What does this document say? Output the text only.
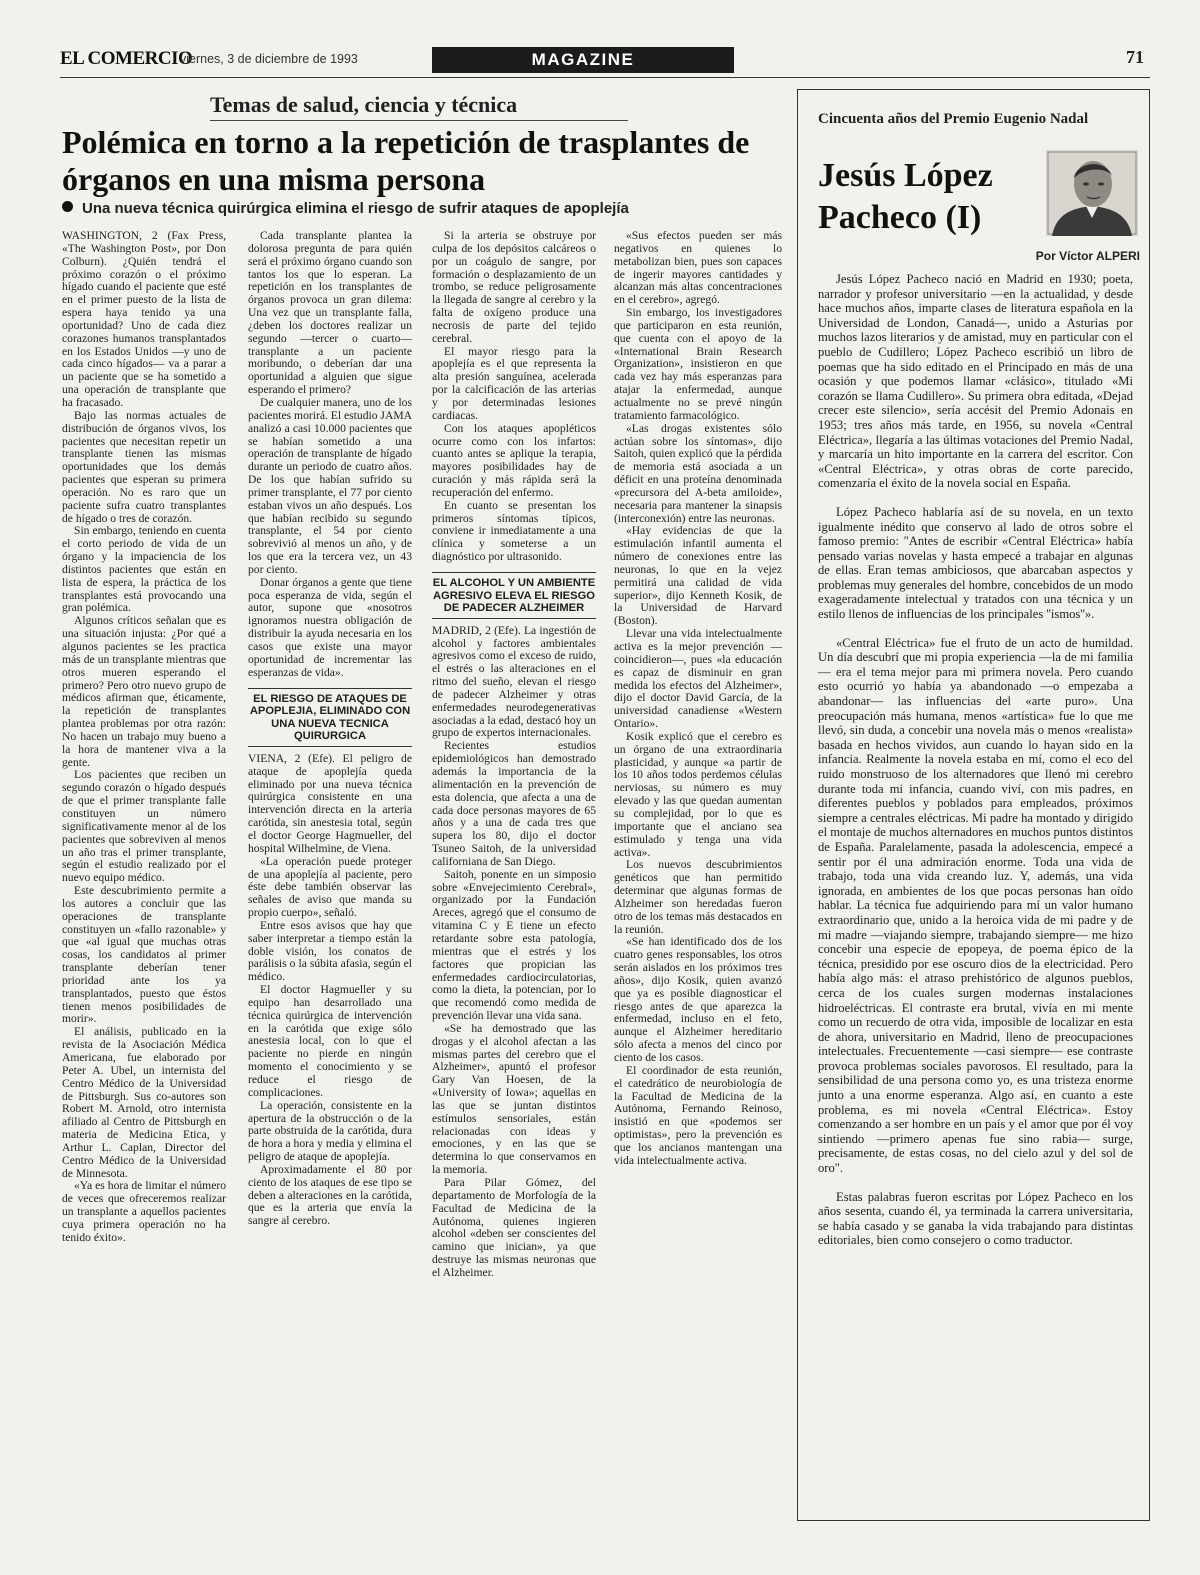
EL COMERCIO
viernes, 3 de diciembre de 1993	MAGAZINE	71
Temas de salud, ciencia y técnica
Polémica en torno a la repetición de trasplantes de órganos en una misma persona
Una nueva técnica quirúrgica elimina el riesgo de sufrir ataques de apoplejía

WASHINGTON, 2 (Fax Press, «The Washington Post», por Don Colburn). ¿Quién tendrá el próximo corazón o el próximo hígado cuando el paciente que esté en el primer puesto de la lista de espera haya tenido ya una oportunidad? Uno de cada diez corazones humanos transplantados en los Estados Unidos —y uno de cada cinco hígados— va a parar a un paciente que se ha sometido a una operación de transplante que ha fracasado.

Bajo las normas actuales de distribución de órganos vivos, los pacientes que necesitan repetir un transplante tienen las mismas oportunidades que los demás pacientes que esperan su primera operación. No es raro que un paciente sufra cuatro transplantes de hígado o tres de corazón.

Sin embargo, teniendo en cuenta el corto periodo de vida de un órgano y la impaciencia de los distintos pacientes que están en lista de espera, la práctica de los transplantes está provocando una gran polémica.

Algunos críticos señalan que es una situación injusta: ¿Por qué a algunos pacientes se les practica más de un transplante mientras que otros mueren esperando el primero? Pero otro nuevo grupo de médicos afirman que, éticamente, la repetición de transplantes plantea problemas por otra razón: No hacen un trabajo muy bueno a la hora de mantener viva a la gente.

Los pacientes que reciben un segundo corazón o hígado después de que el primer transplante falle constituyen un número significativamente menor al de los pacientes que sobreviven al menos un año tras el primer transplante, según el estudio realizado por el nuevo equipo médico.

Este descubrimiento permite a los autores a concluir que las operaciones de transplante constituyen un «fallo razonable» y que «al igual que muchas otras cosas, los candidatos al primer transplante deberían tener prioridad ante los ya transplantados, puesto que éstos tienen menos posibilidades de morir».

El análisis, publicado en la revista de la Asociación Médica Americana, fue elaborado por Peter A. Ubel, un internista del Centro Médico de la Universidad de Pittsburgh. Sus co-autores son Robert M. Arnold, otro internista afiliado al Centro de Pittsburgh en materia de Medicina Etica, y Arthur L. Caplan, Director del Centro Médico de la Universidad de Minnesota.

«Ya es hora de limitar el número de veces que ofreceremos realizar un transplante a aquellos pacientes cuya primera operación no ha tenido éxito».

Cada transplante plantea la dolorosa pregunta de para quién será el próximo órgano cuando son tantos los que lo esperan. La repetición en los transplantes de órganos provoca un gran dilema: Una vez que un transplante falla, ¿deben los doctores realizar un segundo —tercer o cuarto— transplante a un paciente moribundo, o deberían dar una oportunidad a alguien que sigue esperando el primero?

De cualquier manera, uno de los pacientes morirá. El estudio JAMA analizó a casi 10.000 pacientes que se habían sometido a una operación de transplante de hígado durante un periodo de cuatro años. De los que habían sufrido su primer transplante, el 77 por ciento estaban vivos un año después. Los que habían recibido su segundo transplante, el 54 por ciento sobrevivió al menos un año, y de los que era la tercera vez, un 43 por ciento.

Donar órganos a gente que tiene poca esperanza de vida, según el autor, supone que «nosotros ignoramos nuestra obligación de distribuir la ayuda necesaria en los casos que existe una mayor oportunidad de incrementar las esperanzas de vida».

EL RIESGO DE ATAQUES DE APOPLEJIA, ELIMINADO CON UNA NUEVA TECNICA QUIRURGICA

VIENA, 2 (Efe). El peligro de ataque de apoplejía queda eliminado por una nueva técnica quirúrgica consistente en una intervención directa en la arteria carótida, sin anestesia total, según el doctor George Hagmueller, del hospital Wilhelmine, de Viena.

«La operación puede proteger de una apoplejía al paciente, pero éste debe también observar las señales de aviso que manda su propio cuerpo», señaló.

Entre esos avisos que hay que saber interpretar a tiempo están la doble visión, los conatos de parálisis o la súbita afasia, según el médico.

El doctor Hagmueller y su equipo han desarrollado una técnica quirúrgica de intervención en la carótida que exige sólo anestesia local, con lo que el paciente no pierde en ningún momento el conocimiento y se reduce el riesgo de complicaciones.

La operación, consistente en la apertura de la obstrucción o de la parte obstruida de la carótida, dura de hora a hora y media y elimina el peligro de ataque de apoplejía.

Aproximadamente el 80 por ciento de los ataques de ese tipo se deben a alteraciones en la carótida, que es la arteria que envía la sangre al cerebro.

Si la arteria se obstruye por culpa de los depósitos calcáreos o por un coágulo de sangre, por formación o desplazamiento de un trombo, se reduce peligrosamente la llegada de sangre al cerebro y la falta de oxígeno produce una necrosis de parte del tejido cerebral.

El mayor riesgo para la apoplejía es el que representa la alta presión sanguínea, acelerada por la calcificación de las arterias y por determinadas lesiones cardiacas.

Con los ataques apopléticos ocurre como con los infartos: cuanto antes se aplique la terapia, mayores posibilidades hay de curación y más rápida será la recuperación del enfermo.

En cuanto se presentan los primeros síntomas típicos, conviene ir inmediatamente a una clínica y someterse a un diagnóstico por ultrasonido.

EL ALCOHOL Y UN AMBIENTE AGRESIVO ELEVA EL RIESGO DE PADECER ALZHEIMER

MADRID, 2 (Efe). La ingestión de alcohol y factores ambientales agresivos como el exceso de ruido, el estrés o las alteraciones en el ritmo del sueño, elevan el riesgo de padecer Alzheimer y otras enfermedades neurodegenerativas asociadas a la edad, destacó hoy un grupo de expertos internacionales.

Recientes estudios epidemiológicos han demostrado además la importancia de la alimentación en la prevención de esta dolencia, que afecta a una de cada doce personas mayores de 65 años y a una de cada tres que supera los 80, dijo el doctor Tsuneo Saitoh, de la universidad californiana de San Diego.

Saitoh, ponente en un simposio sobre «Envejecimiento Cerebral», organizado por la Fundación Areces, agregó que el consumo de vitamina C y E tiene un efecto retardante sobre esta patología, mientras que el estrés y los factores que propician las enfermedades cardiocirculatorias, como la dieta, la potencian, por lo que recomendó como medida de prevención llevar una vida sana.

«Se ha demostrado que las drogas y el alcohol afectan a las mismas partes del cerebro que el Alzheimer», apuntó el profesor Gary Van Hoesen, de la «University of Iowa»; aquellas en las que se juntan distintos estímulos sensoriales, están relacionadas con ideas y emociones, y en las que se determina lo que conservamos en la memoria.

Para Pilar Gómez, del departamento de Morfología de la Facultad de Medicina de la Autónoma, quienes ingieren alcohol «deben ser conscientes del camino que inician», ya que destruye las mismas neuronas que el Alzheimer.

«Sus efectos pueden ser más negativos en quienes lo metabolizan bien, pues son capaces de ingerir mayores cantidades y alcanzan más altas concentraciones en el cerebro», agregó.

Sin embargo, los investigadores que participaron en esta reunión, que cuenta con el apoyo de la «International Brain Research Organization», insistieron en que cada vez hay más esperanzas para atajar la enfermedad, aunque actualmente no se prevé ningún tratamiento farmacológico.

«Las drogas existentes sólo actúan sobre los síntomas», dijo Saitoh, quien explicó que la pérdida de memoria está asociada a un déficit en una proteína denominada «precursora del A-beta amiloide», necesaria para mantener la sinapsis (interconexión) entre las neuronas.

«Hay evidencias de que la estimulación infantil aumenta el número de conexiones entre las neuronas, lo que en la vejez permitirá una calidad de vida superior», dijo Kenneth Kosik, de la Universidad de Harvard (Boston).

Llevar una vida intelectualmente activa es la mejor prevención —coincidieron—, pues «la educación es capaz de disminuir en gran medida los efectos del Alzheimer», dijo el doctor David García, de la universidad canadiense «Western Ontario».

Kosik explicó que el cerebro es un órgano de una extraordinaria plasticidad, y aunque «a partir de los 10 años todos perdemos células nerviosas, su número es muy elevado y las que quedan aumentan su complejidad, por lo que es importante que el anciano sea estimulado y tenga una vida activa».

Los nuevos descubrimientos genéticos que han permitido determinar que algunas formas de Alzheimer son heredadas fueron otro de los temas más destacados en la reunión.

«Se han identificado dos de los cuatro genes responsables, los otros serán aislados en los próximos tres años», dijo Kosik, quien avanzó que ya es posible diagnosticar el riesgo antes de que aparezca la enfermedad, incluso en el feto, aunque el Alzheimer hereditario sólo afecta a menos del cinco por ciento de los casos.

El coordinador de esta reunión, el catedrático de neurobiología de la Facultad de Medicina de la Autónoma, Fernando Reinoso, insistió en que «podemos ser optimistas», pero la prevención es que los ancianos mantengan una vida intelectualmente activa.

Cincuenta años del Premio Eugenio Nadal
Jesús López Pacheco (I)
Por Víctor ALPERI

Jesús López Pacheco nació en Madrid en 1930; poeta, narrador y profesor universitario —en la actualidad, y desde hace muchos años, imparte clases de literatura española en la Universidad de London, Canadá—, unido a Asturias por muchos lazos literarios y de amistad, muy en particular con el pueblo de Cudillero; López Pacheco escribió un libro de poemas que ha sido editado en el Principado en más de una ocasión y que podemos llamar «clásico», titulado «Mi corazón se llama Cudillero». Su primera obra editada, «Dejad crecer este silencio», sería accésit del Premio Adonais en 1953; tres años más tarde, en 1956, su novela «Central Eléctrica», llegaría a las últimas votaciones del Premio Nadal, y marcaría un hito importante en la carrera del escritor. Con «Central Eléctrica», y otras obras de corte parecido, comenzaría el éxito de la novela social en España.

López Pacheco hablaría así de su novela, en un texto igualmente inédito que conservo al lado de otros sobre el famoso premio: "Antes de escribir «Central Eléctrica» había pensado varias novelas y hasta empecé a trabajar en algunas de ellas. Eran temas ambiciosos, que abarcaban aspectos y problemas muy generales del hombre, concebidos de un modo exageradamente intelectual y tratados con una técnica y un estilo llenos de influencias de los principales ''ismos''».

«Central Eléctrica» fue el fruto de un acto de humildad. Un día descubrí que mi propia experiencia —la de mi familia— era el tema mejor para mi primera novela. Pero cuando esto ocurrió yo había ya abandonado —o empezaba a abandonar— las influencias del «arte puro». Una preocupación más humana, menos «artística» fue lo que me llevó, sin duda, a concebir una novela más o menos «realista» basada en hechos vividos, aun cuando lo hayan sido en la infancia. Realmente la novela estaba en mí, como el eco del ruido monstruoso de los alternadores que llenó mi cerebro durante toda mi infancia, cuando viví, con mis padres, en diferentes pueblos y poblados para empleados, próximos siempre a centrales eléctricas. Mi padre ha montado y dirigido el montaje de muchos alternadores en muchos puntos distintos de España. Paralelamente, pasada la adolescencia, empecé a sentir por él una admiración enorme. Toda una vida de trabajo, toda una vida creando luz. Y, además, una vida ignorada, en ambientes de los que pocas personas han oído hablar. La técnica fue adquiriendo para mí un valor humano extraordinario que, unido a la heroica vida de mi padre y de mi madre —viajando siempre, trabajando siempre— me hizo concebir una especie de epopeya, de poema épico de la técnica, presidido por ese oscuro dios de la electricidad. Pero había algo más: el atraso prehistórico de algunos pueblos, cerca de los cuales surgen modernas instalaciones hidroeléctricas. El contraste era brutal, vivía en mi mente como un recuerdo de otra vida, imposible de localizar en esta de ahora, universitario en Madrid, lleno de preocupaciones intelectuales. Frecuentemente —casi siempre— ese contraste provoca problemas sociales pavorosos. El resultado, para la sensibilidad de una persona como yo, es una tristeza enorme junto a una enorme esperanza. Algo así, en cuanto a este problema, es mi novela «Central Eléctrica». Estoy comenzando a ser hombre en un país y el amor que por él voy sintiendo —primero apenas fue sino rabia— surge, precisamente, de estas cosas, no del cielo azul y del sol de oro".

Estas palabras fueron escritas por López Pacheco en los años sesenta, cuando él, ya terminada la carrera universitaria, se había casado y se ganaba la vida trabajando para distintas editoriales, bien como consejero o como traductor.
